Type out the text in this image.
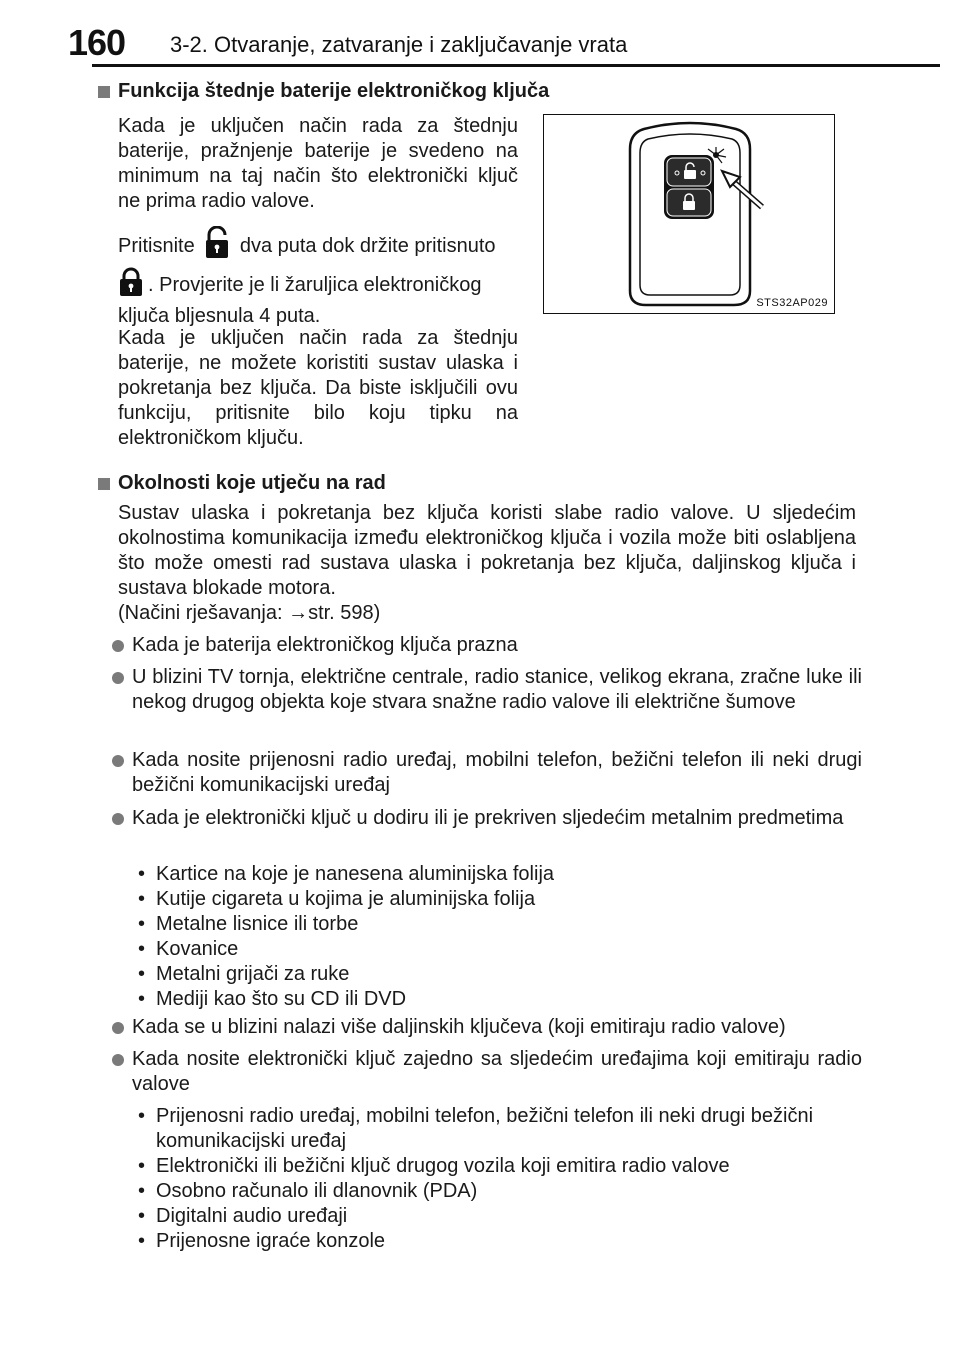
160 3-2. Otvaranje, zatvaranje i zaključavanje vrata
Funkcija štednje baterije elektroničkog ključa
Kada je uključen način rada za štednju baterije, pražnjenje baterije je svedeno na minimum na taj način što elektronički ključ ne prima radio valove.
Pritisnite dva puta dok držite pritisnuto
. Provjerite je li žaruljica elektroničkog ključa bljesnula 4 puta.
Kada je uključen način rada za štednju baterije, ne možete koristiti sustav ulaska i pokretanja bez ključa. Da biste isključili ovu funkciju, pritisnite bilo koju tipku na elektroničkom ključu.
STS32AP029
Okolnosti koje utječu na rad
Sustav ulaska i pokretanja bez ključa koristi slabe radio valove. U sljedećim okolnostima komunikacija između elektroničkog ključa i vozila može biti oslabljena što može omesti rad sustava ulaska i pokretanja bez ključa, daljinskog ključa i sustava blokade motora.
(Načini rješavanja: →str. 598)
Kada je baterija elektroničkog ključa prazna
U blizini TV tornja, električne centrale, radio stanice, velikog ekrana, zračne luke ili nekog drugog objekta koje stvara snažne radio valove ili električne šumove
Kada nosite prijenosni radio uređaj, mobilni telefon, bežični telefon ili neki drugi bežični komunikacijski uređaj
Kada je elektronički ključ u dodiru ili je prekriven sljedećim metalnim predmetima
• Kartice na koje je nanesena aluminijska folija
• Kutije cigareta u kojima je aluminijska folija
• Metalne lisnice ili torbe
• Kovanice
• Metalni grijači za ruke
• Mediji kao što su CD ili DVD
Kada se u blizini nalazi više daljinskih ključeva (koji emitiraju radio valove)
Kada nosite elektronički ključ zajedno sa sljedećim uređajima koji emitiraju radio valove
• Prijenosni radio uređaj, mobilni telefon, bežični telefon ili neki drugi bežični komunikacijski uređaj
• Elektronički ili bežični ključ drugog vozila koji emitira radio valove
• Osobno računalo ili dlanovnik (PDA)
• Digitalni audio uređaji
• Prijenosne igraće konzole
